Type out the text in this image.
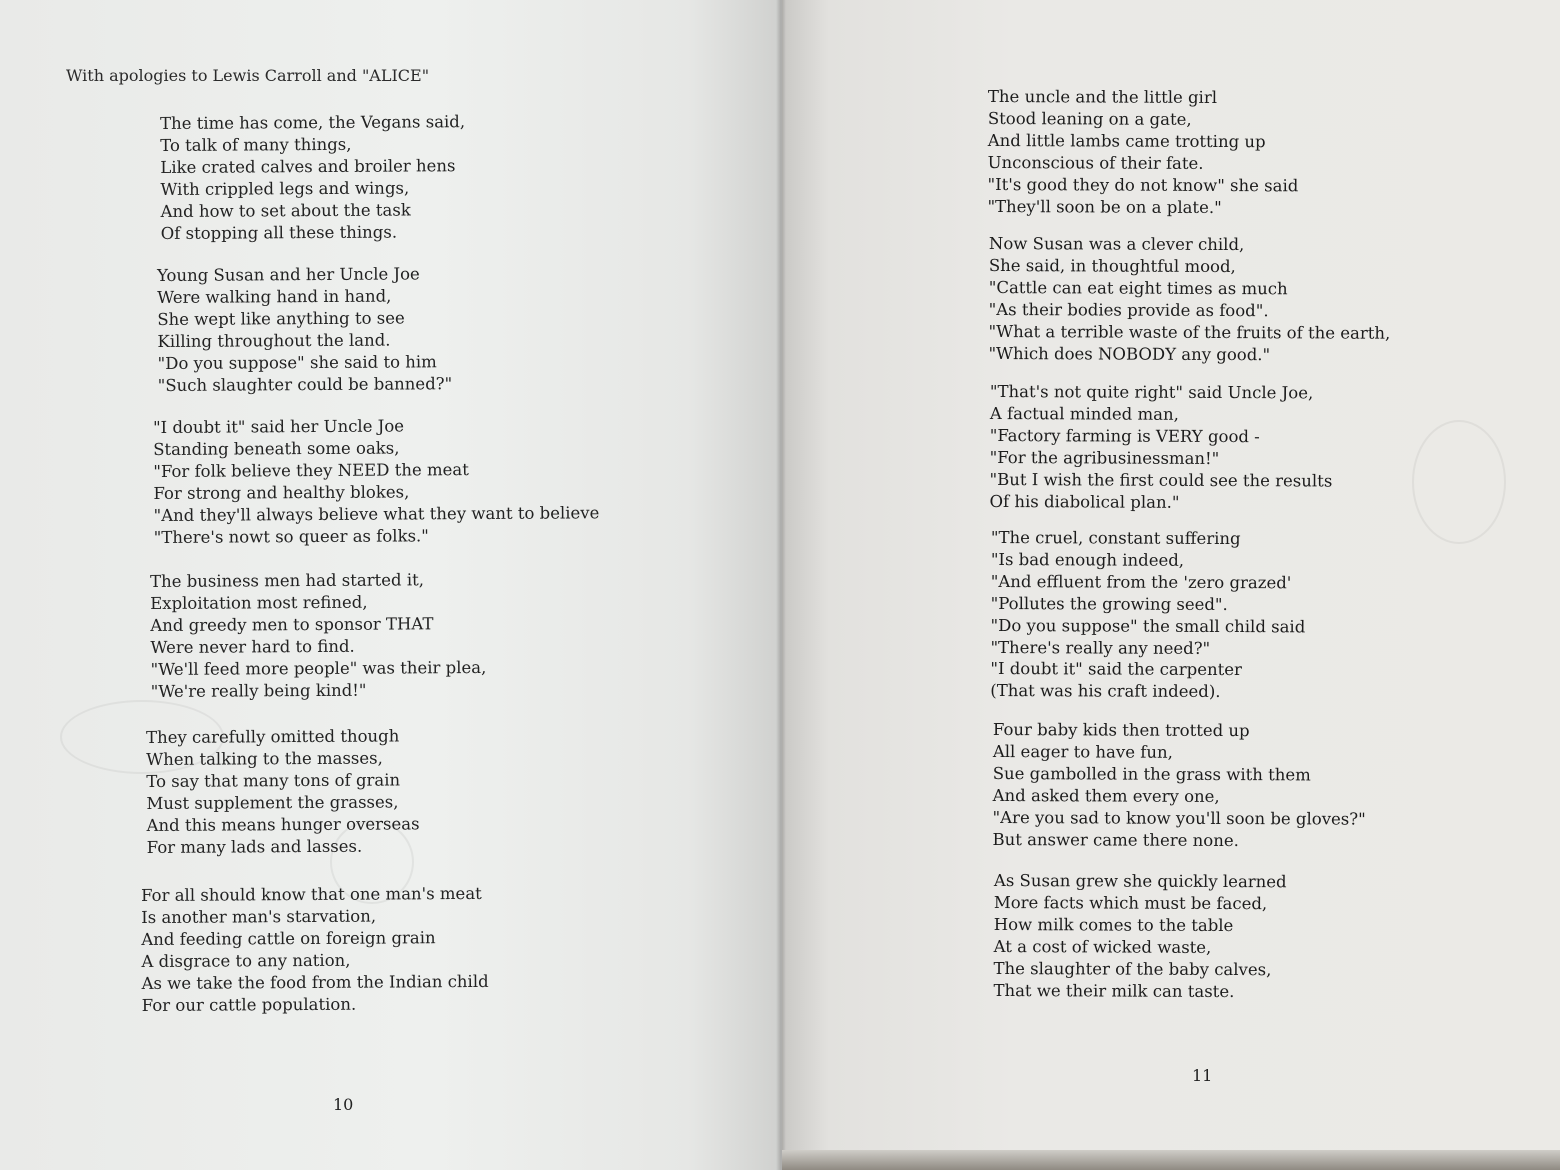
With apologies to Lewis Carroll and "ALICE"
The time has come, the Vegans said,
To talk of many things,
Like crated calves and broiler hens
With crippled legs and wings,
And how to set about the task
Of stopping all these things.
Young Susan and her Uncle Joe
Were walking hand in hand,
She wept like anything to see
Killing throughout the land.
"Do you suppose" she said to him
"Such slaughter could be banned?"
"I doubt it" said her Uncle Joe
Standing beneath some oaks,
"For folk believe they NEED the meat
For strong and healthy blokes,
"And they'll always believe what they want to believe
"There's nowt so queer as folks."
The business men had started it,
Exploitation most refined,
And greedy men to sponsor THAT
Were never hard to find.
"We'll feed more people" was their plea,
"We're really being kind!"
They carefully omitted though
When talking to the masses,
To say that many tons of grain
Must supplement the grasses,
And this means hunger overseas
For many lads and lasses.
For all should know that one man's meat
Is another man's starvation,
And feeding cattle on foreign grain
A disgrace to any nation,
As we take the food from the Indian child
For our cattle population.
10
The uncle and the little girl
Stood leaning on a gate,
And little lambs came trotting up
Unconscious of their fate.
"It's good they do not know" she said
"They'll soon be on a plate."
Now Susan was a clever child,
She said, in thoughtful mood,
"Cattle can eat eight times as much
"As their bodies provide as food".
"What a terrible waste of the fruits of the earth,
"Which does NOBODY any good."
"That's not quite right" said Uncle Joe,
A factual minded man,
"Factory farming is VERY good -
"For the agribusinessman!"
"But I wish the first could see the results
Of his diabolical plan."
"The cruel, constant suffering
"Is bad enough indeed,
"And effluent from the 'zero grazed'
"Pollutes the growing seed".
"Do you suppose" the small child said
"There's really any need?"
"I doubt it" said the carpenter
(That was his craft indeed).
Four baby kids then trotted up
All eager to have fun,
Sue gambolled in the grass with them
And asked them every one,
"Are you sad to know you'll soon be gloves?"
But answer came there none.
As Susan grew she quickly learned
More facts which must be faced,
How milk comes to the table
At a cost of wicked waste,
The slaughter of the baby calves,
That we their milk can taste.
11
